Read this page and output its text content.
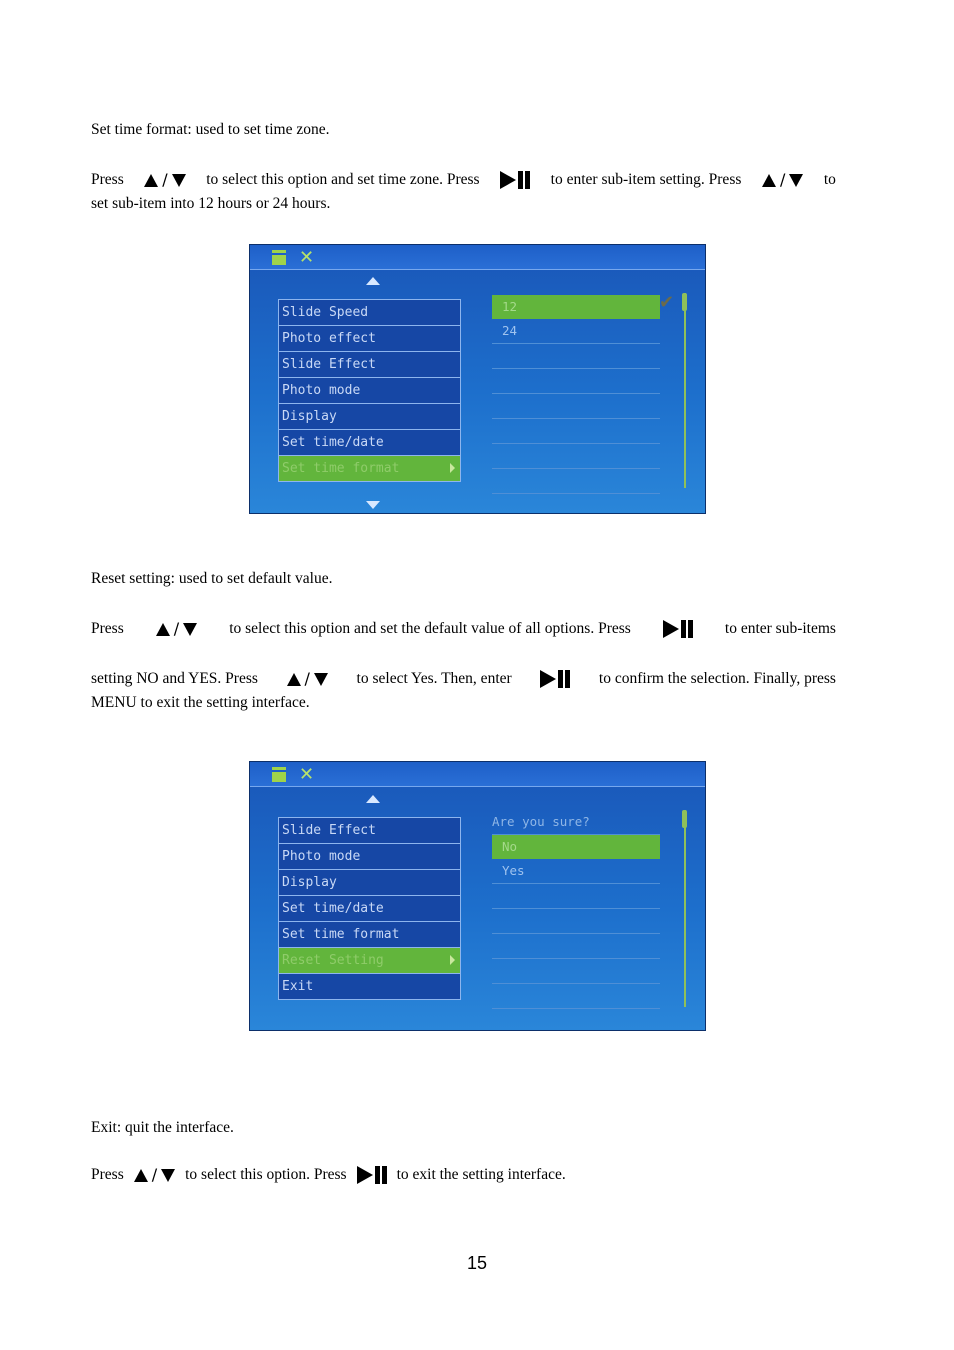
Set time format: used to set time zone.

Press / to select this option and set time zone. Press	to enter sub-item setting. Press / to
set sub-item into 12 hours or 24 hours.
✕
Slide Speed
Photo effect
Slide Effect
Photo mode
Display
Set time/date
Set time format
12
24
✔

Reset setting: used to set default value.

Press	/	to select this option and set the default value of all options. Press	to enter sub-items
setting NO and YES. Press	/	to select Yes. Then, enter	to confirm the selection. Finally, press
MENU to exit the setting interface.
✕
Slide Effect
Photo mode
Display
Set time/date
Set time format
Reset Setting
Exit
Are you sure?
No
Yes

Exit: quit the interface.

Press / to select this option. Press	to exit the setting interface.
15
